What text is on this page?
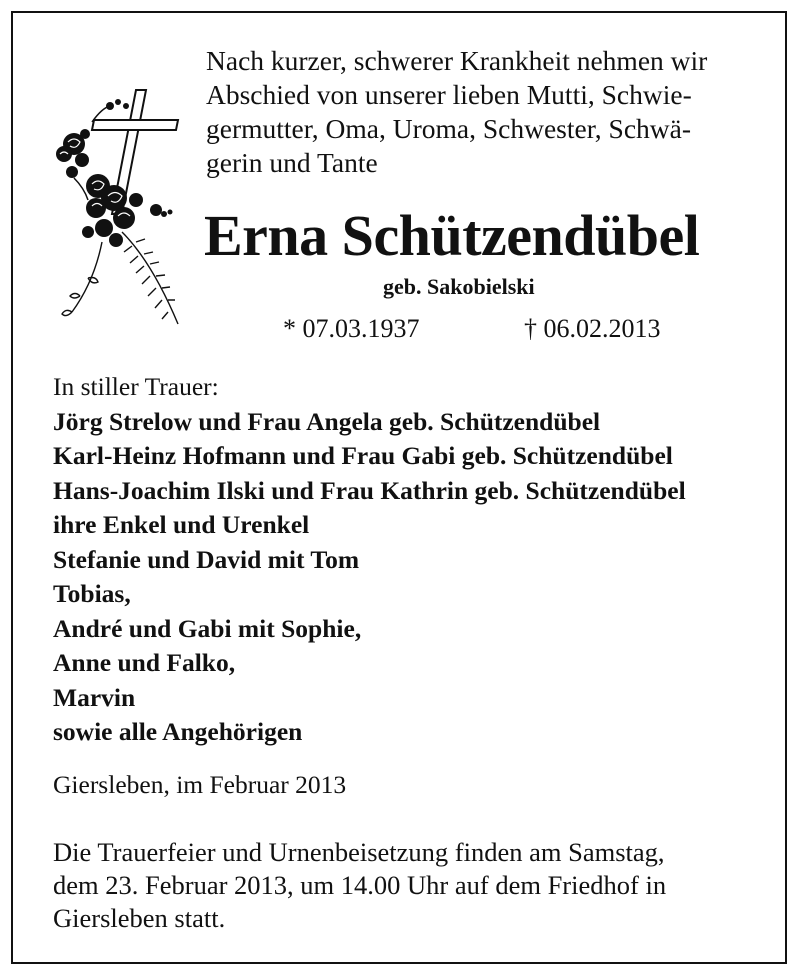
Nach kurzer, schwerer Krankheit nehmen wir
Abschied von unserer lieben Mutti, Schwie-
germutter, Oma, Uroma, Schwester, Schwä-
gerin und Tante
Erna Schützendübel
geb. Sakobielski
* 07.03.1937	† 06.02.2013
In stiller Trauer:
Jörg Strelow und Frau Angela geb. Schützendübel
Karl-Heinz Hofmann und Frau Gabi geb. Schützendübel
Hans-Joachim Ilski und Frau Kathrin geb. Schützendübel
ihre Enkel und Urenkel
Stefanie und David mit Tom
Tobias,
André und Gabi mit Sophie,
Anne und Falko,
Marvin
sowie alle Angehörigen
Giersleben, im Februar 2013
Die Trauerfeier und Urnenbeisetzung finden am Samstag,
dem 23. Februar 2013, um 14.00 Uhr auf dem Friedhof in
Giersleben statt.
